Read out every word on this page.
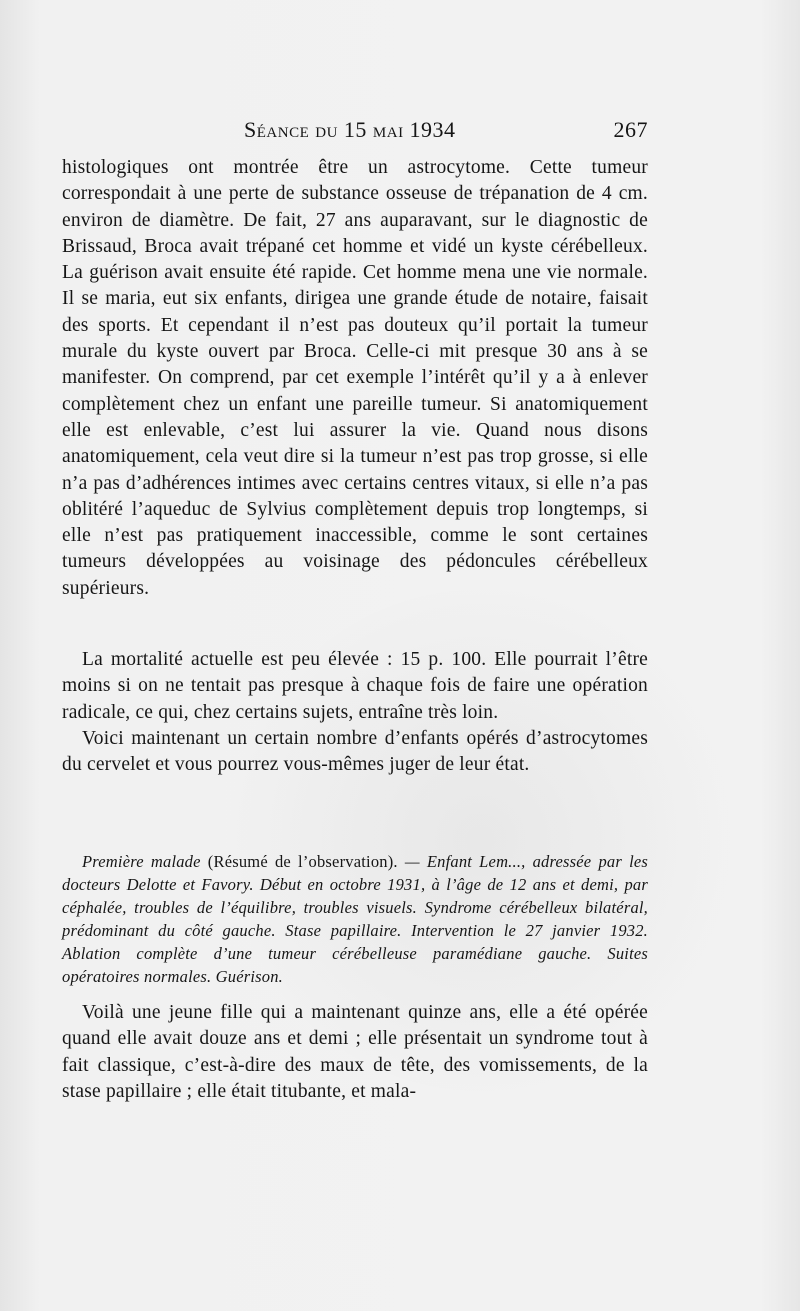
Séance du 15 mai 1934	267

histologiques ont montrée être un astrocytome. Cette tumeur correspondait à une perte de substance osseuse de trépanation de 4 cm. environ de diamètre. De fait, 27 ans auparavant, sur le diagnostic de Brissaud, Broca avait trépané cet homme et vidé un kyste cérébelleux. La guérison avait ensuite été rapide. Cet homme mena une vie normale. Il se maria, eut six enfants, dirigea une grande étude de notaire, faisait des sports. Et cependant il n’est pas douteux qu’il portait la tumeur murale du kyste ouvert par Broca. Celle-ci mit presque 30 ans à se manifester. On comprend, par cet exemple l’intérêt qu’il y a à enlever complètement chez un enfant une pareille tumeur. Si anatomiquement elle est enlevable, c’est lui assurer la vie. Quand nous disons anatomiquement, cela veut dire si la tumeur n’est pas trop grosse, si elle n’a pas d’adhérences intimes avec certains centres vitaux, si elle n’a pas oblitéré l’aqueduc de Sylvius complètement depuis trop longtemps, si elle n’est pas pratiquement inaccessible, comme le sont certaines tumeurs développées au voisinage des pédoncules cérébelleux supérieurs.

La mortalité actuelle est peu élevée : 15 p. 100. Elle pourrait l’être moins si on ne tentait pas presque à chaque fois de faire une opération radicale, ce qui, chez certains sujets, entraîne très loin.

Voici maintenant un certain nombre d’enfants opérés d’astrocytomes du cervelet et vous pourrez vous-mêmes juger de leur état.

Première malade (Résumé de l’observation). — Enfant Lem..., adressée par les docteurs Delotte et Favory. Début en octobre 1931, à l’âge de 12 ans et demi, par céphalée, troubles de l’équilibre, troubles visuels. Syndrome cérébelleux bilatéral, prédominant du côté gauche. Stase papillaire. Intervention le 27 janvier 1932. Ablation complète d’une tumeur cérébelleuse paramédiane gauche. Suites opératoires normales. Guérison.

Voilà une jeune fille qui a maintenant quinze ans, elle a été opérée quand elle avait douze ans et demi ; elle présentait un syndrome tout à fait classique, c’est-à-dire des maux de tête, des vomissements, de la stase papillaire ; elle était titubante, et mala-
